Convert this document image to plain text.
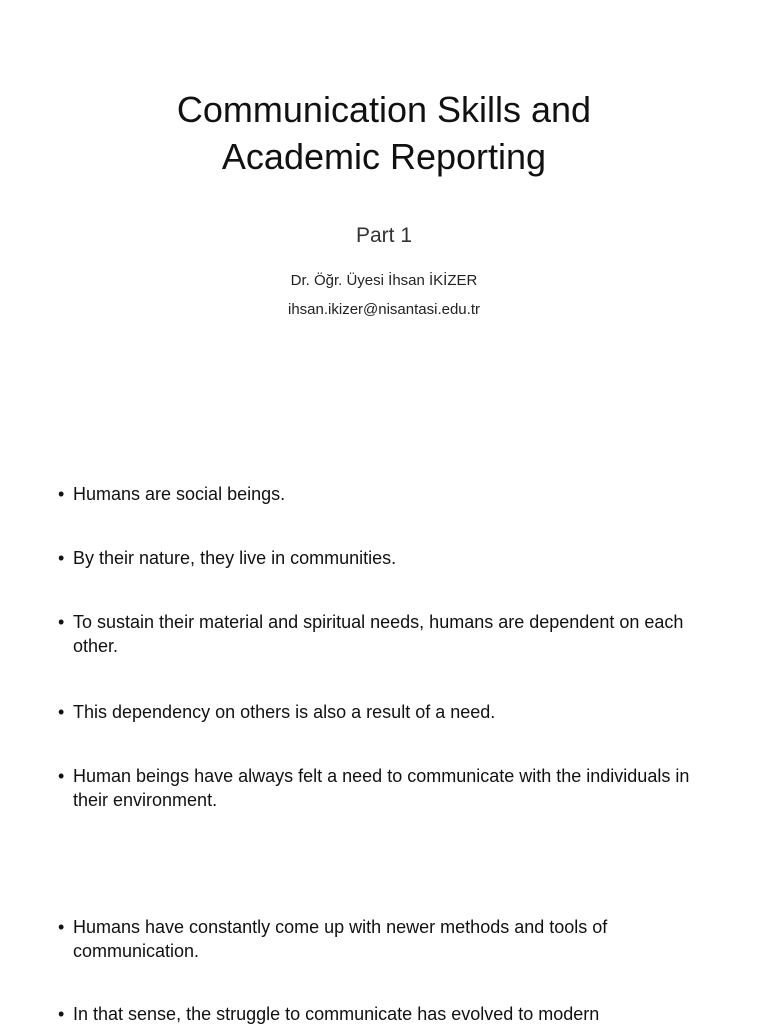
Communication Skills and
Academic Reporting
Part 1
Dr. Öğr. Üyesi İhsan İKİZER
ihsan.ikizer@nisantasi.edu.tr
• Humans are social beings.
• By their nature, they live in communities.
• To sustain their material and spiritual needs, humans are dependent on each other.
• This dependency on others is also a result of a need.
• Human beings have always felt a need to communicate with the individuals in their environment.
• Humans have constantly come up with newer methods and tools of communication.
• In that sense, the struggle to communicate has evolved to modern
